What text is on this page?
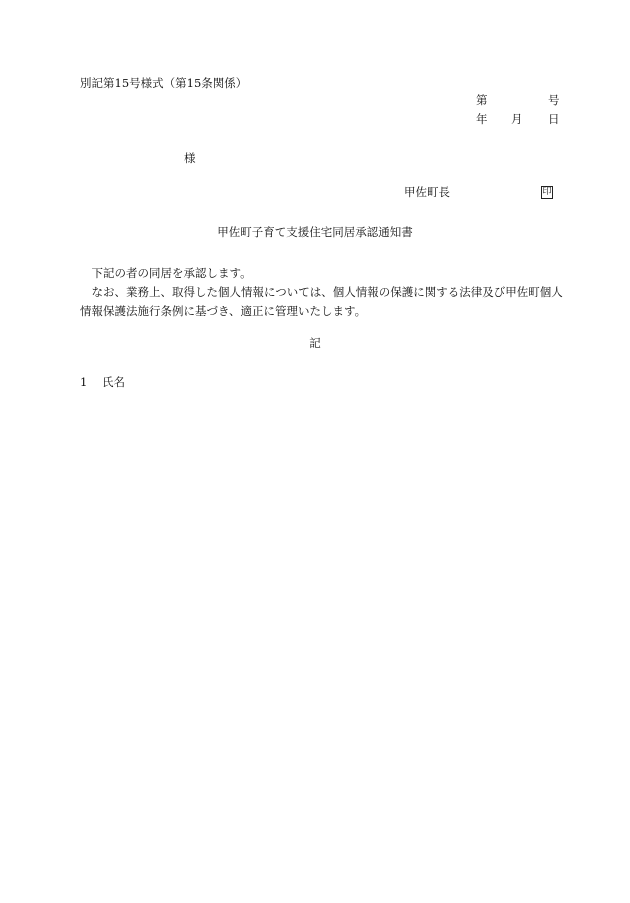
別記第15号様式（第15条関係）
第	号
年 月 日
様
甲佐町長	印
甲佐町子育て支援住宅同居承認通知書

下記の者の同居を承認します。

なお、業務上、取得した個人情報については、個人情報の保護に関する法律及び甲佐町個人情報保護法施行条例に基づき、適正に管理いたします。

記
1 氏名
